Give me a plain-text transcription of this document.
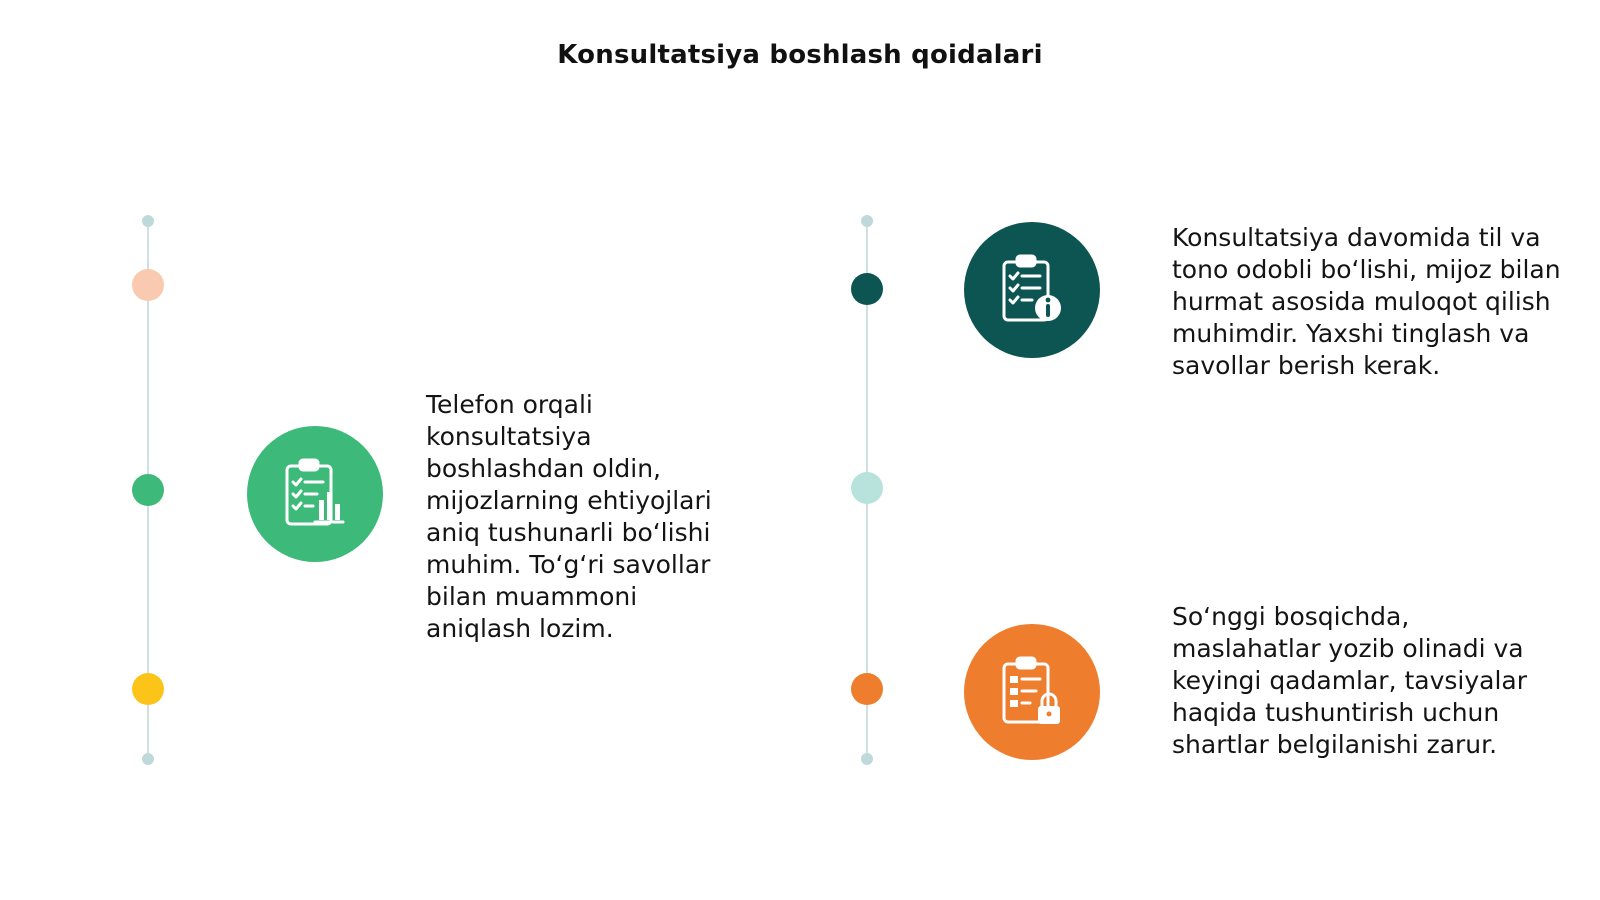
Konsultatsiya boshlash qoidalari

Telefon orqali konsultatsiya boshlashdan oldin, mijozlarning ehtiyojlari aniq tushunarli bo‘lishi muhim. To‘g‘ri savollar bilan muammoni aniqlash lozim.

Konsultatsiya davomida til va tono odobli bo‘lishi, mijoz bilan hurmat asosida muloqot qilish muhimdir. Yaxshi tinglash va savollar berish kerak.

So‘nggi bosqichda, maslahatlar yozib olinadi va keyingi qadamlar, tavsiyalar haqida tushuntirish uchun shartlar belgilanishi zarur.
